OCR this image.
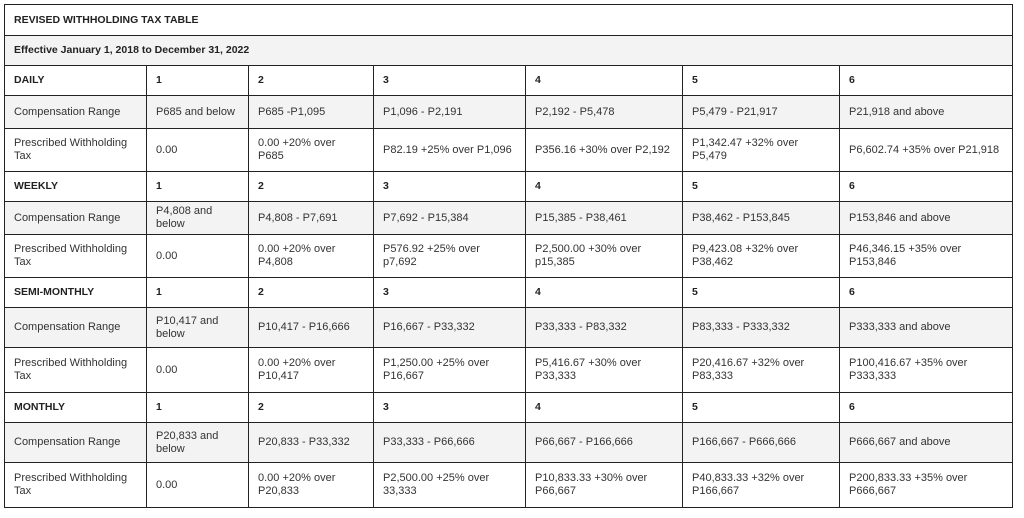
REVISED WITHHOLDING TAX TABLE						
Effective January 1, 2018 to December 31, 2022						
DAILY	1	2	3	4	5	6
Compensation Range	P685 and below	P685 -P1,095	P1,096 - P2,191	P2,192 - P5,478	P5,479 - P21,917	P21,918 and above
Prescribed Withholding Tax	0.00	0.00 +20% over P685	P82.19 +25% over P1,096	P356.16 +30% over P2,192	P1,342.47 +32% over P5,479	P6,602.74 +35% over P21,918
WEEKLY	1	2	3	4	5	6
Compensation Range	P4,808 and below	P4,808 - P7,691	P7,692 - P15,384	P15,385 - P38,461	P38,462 - P153,845	P153,846 and above
Prescribed Withholding Tax	0.00	0.00 +20% over P4,808	P576.92 +25% over p7,692	P2,500.00 +30% over p15,385	P9,423.08 +32% over P38,462	P46,346.15 +35% over P153,846
SEMI-MONTHLY	1	2	3	4	5	6
Compensation Range	P10,417 and below	P10,417 - P16,666	P16,667 - P33,332	P33,333 - P83,332	P83,333 - P333,332	P333,333 and above
Prescribed Withholding Tax	0.00	0.00 +20% over P10,417	P1,250.00 +25% over P16,667	P5,416.67 +30% over P33,333	P20,416.67 +32% over P83,333	P100,416.67 +35% over P333,333
MONTHLY	1	2	3	4	5	6
Compensation Range	P20,833 and below	P20,833 - P33,332	P33,333 - P66,666	P66,667 - P166,666	P166,667 - P666,666	P666,667 and above
Prescribed Withholding Tax	0.00	0.00 +20% over P20,833	P2,500.00 +25% over 33,333	P10,833.33 +30% over P66,667	P40,833.33 +32% over P166,667	P200,833.33 +35% over P666,667
